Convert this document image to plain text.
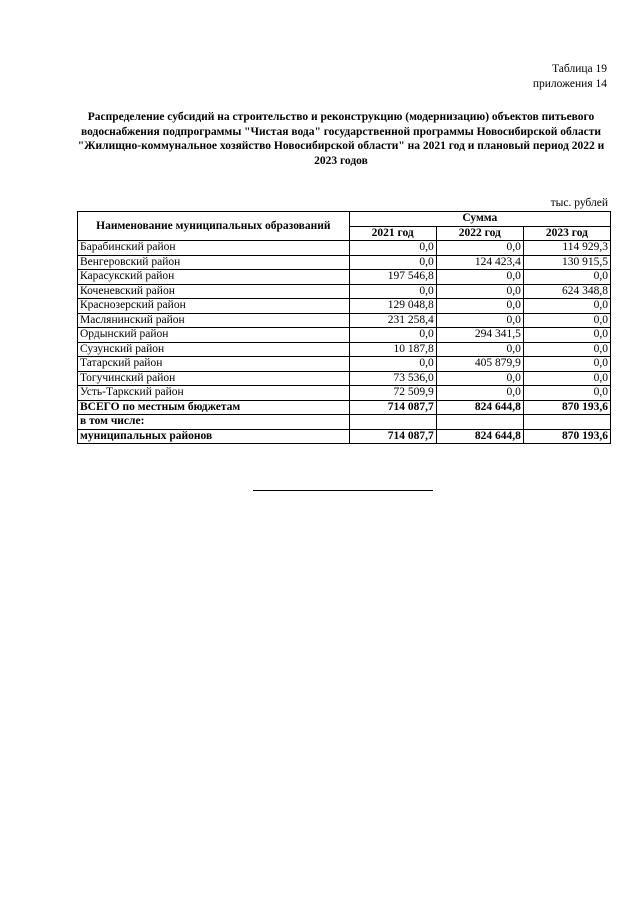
Таблица 19
приложения 14
Распределение субсидий на строительство и реконструкцию (модернизацию) объектов питьевого водоснабжения подпрограммы "Чистая вода" государственной программы Новосибирской области "Жилищно-коммунальное хозяйство Новосибирской области" на 2021 год и плановый период 2022 и 2023 годов
тыс. рублей
Наименование муниципальных образований	Сумма		
	2021 год	2022 год	2023 год
Барабинский район	0,0	0,0	114 929,3
Венгеровский район	0,0	124 423,4	130 915,5
Карасукский район	197 546,8	0,0	0,0
Коченевский район	0,0	0,0	624 348,8
Краснозерский район	129 048,8	0,0	0,0
Маслянинский район	231 258,4	0,0	0,0
Ордынский район	0,0	294 341,5	0,0
Сузунский район	10 187,8	0,0	0,0
Татарский район	0,0	405 879,9	0,0
Тогучинский район	73 536,0	0,0	0,0
Усть-Таркский район	72 509,9	0,0	0,0
ВСЕГО по местным бюджетам	714 087,7	824 644,8	870 193,6
в том числе:			
муниципальных районов	714 087,7	824 644,8	870 193,6
